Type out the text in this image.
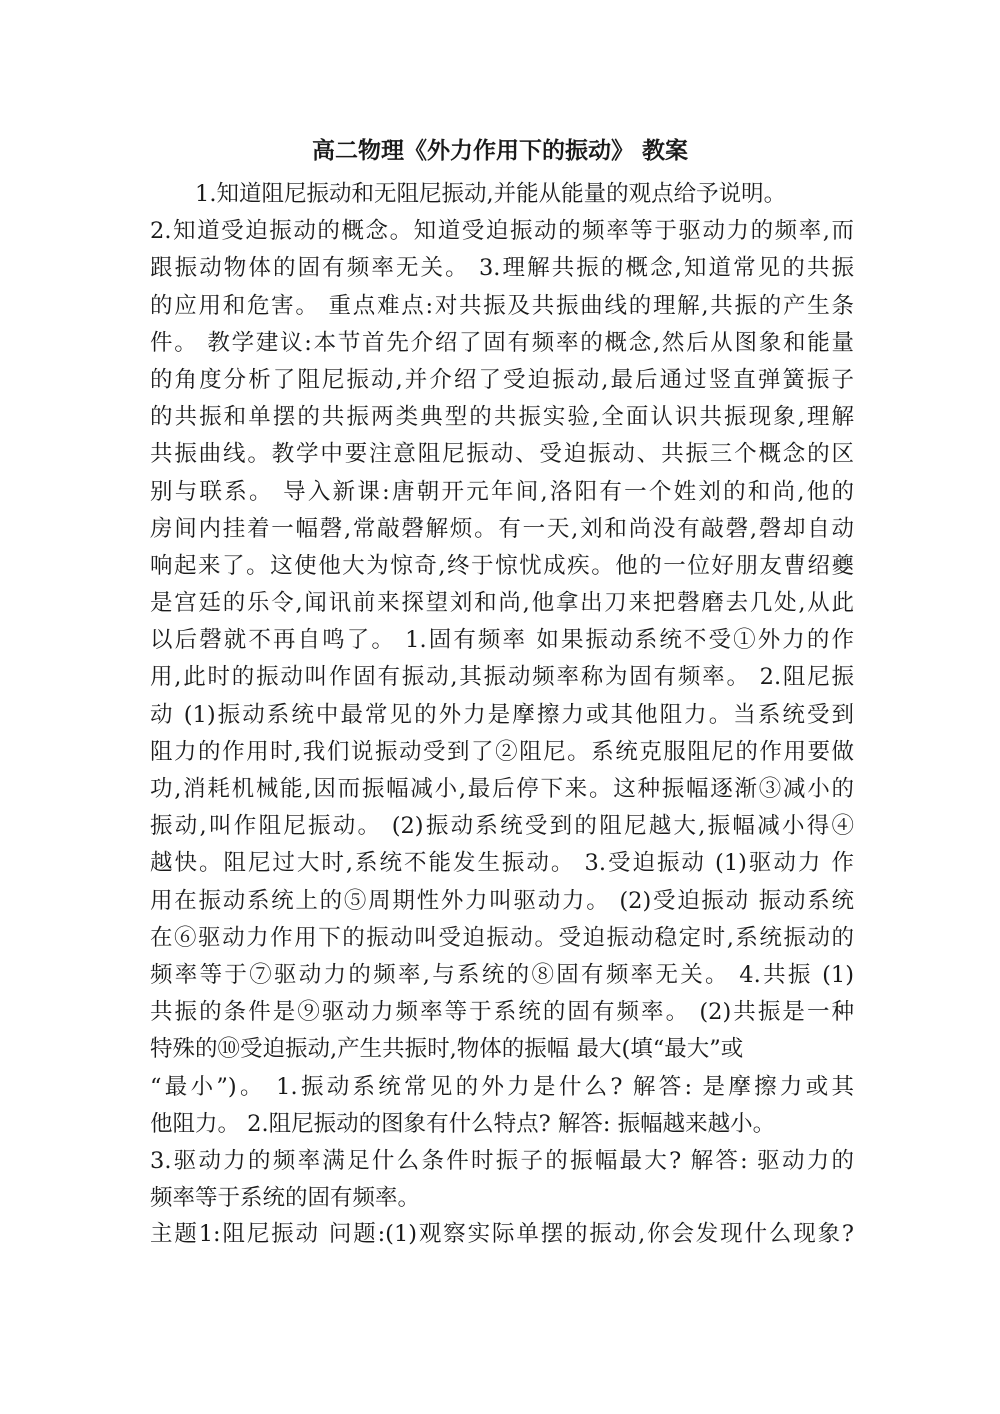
高二物理《外力作用下的振动》 教案
　　1.知道阻尼振动和无阻尼振动,并能从能量的观点给予说明。
2.知道受迫振动的概念。知道受迫振动的频率等于驱动力的频率,而
跟振动物体的固有频率无关。 3.理解共振的概念,知道常见的共振
的应用和危害。 重点难点:对共振及共振曲线的理解,共振的产生条
件。 教学建议:本节首先介绍了固有频率的概念,然后从图象和能量
的角度分析了阻尼振动,并介绍了受迫振动,最后通过竖直弹簧振子
的共振和单摆的共振两类典型的共振实验,全面认识共振现象,理解
共振曲线。教学中要注意阻尼振动、受迫振动、共振三个概念的区
别与联系。 导入新课:唐朝开元年间,洛阳有一个姓刘的和尚,他的
房间内挂着一幅磬,常敲磬解烦。有一天,刘和尚没有敲磬,磬却自动
响起来了。这使他大为惊奇,终于惊忧成疾。他的一位好朋友曹绍夔
是宫廷的乐令,闻讯前来探望刘和尚,他拿出刀来把磬磨去几处,从此
以后磬就不再自鸣了。 1.固有频率 如果振动系统不受①外力的作
用,此时的振动叫作固有振动,其振动频率称为固有频率。 2.阻尼振
动 (1)振动系统中最常见的外力是摩擦力或其他阻力。当系统受到
阻力的作用时,我们说振动受到了②阻尼。系统克服阻尼的作用要做
功,消耗机械能,因而振幅减小,最后停下来。这种振幅逐渐③减小的
振动,叫作阻尼振动。 (2)振动系统受到的阻尼越大,振幅减小得④
越快。阻尼过大时,系统不能发生振动。 3.受迫振动 (1)驱动力 作
用在振动系统上的⑤周期性外力叫驱动力。 (2)受迫振动 振动系统
在⑥驱动力作用下的振动叫受迫振动。受迫振动稳定时,系统振动的
频率等于⑦驱动力的频率,与系统的⑧固有频率无关。 4.共振 (1)
共振的条件是⑨驱动力频率等于系统的固有频率。 (2)共振是一种
特殊的⑩受迫振动,产生共振时,物体的振幅 最大(填“最大”或
“最小”)。 1.振动系统常见的外力是什么? 解答: 是摩擦力或其
他阻力。 2.阻尼振动的图象有什么特点? 解答: 振幅越来越小。
3.驱动力的频率满足什么条件时振子的振幅最大? 解答: 驱动力的
频率等于系统的固有频率。
主题1:阻尼振动 问题:(1)观察实际单摆的振动,你会发现什么现象?
